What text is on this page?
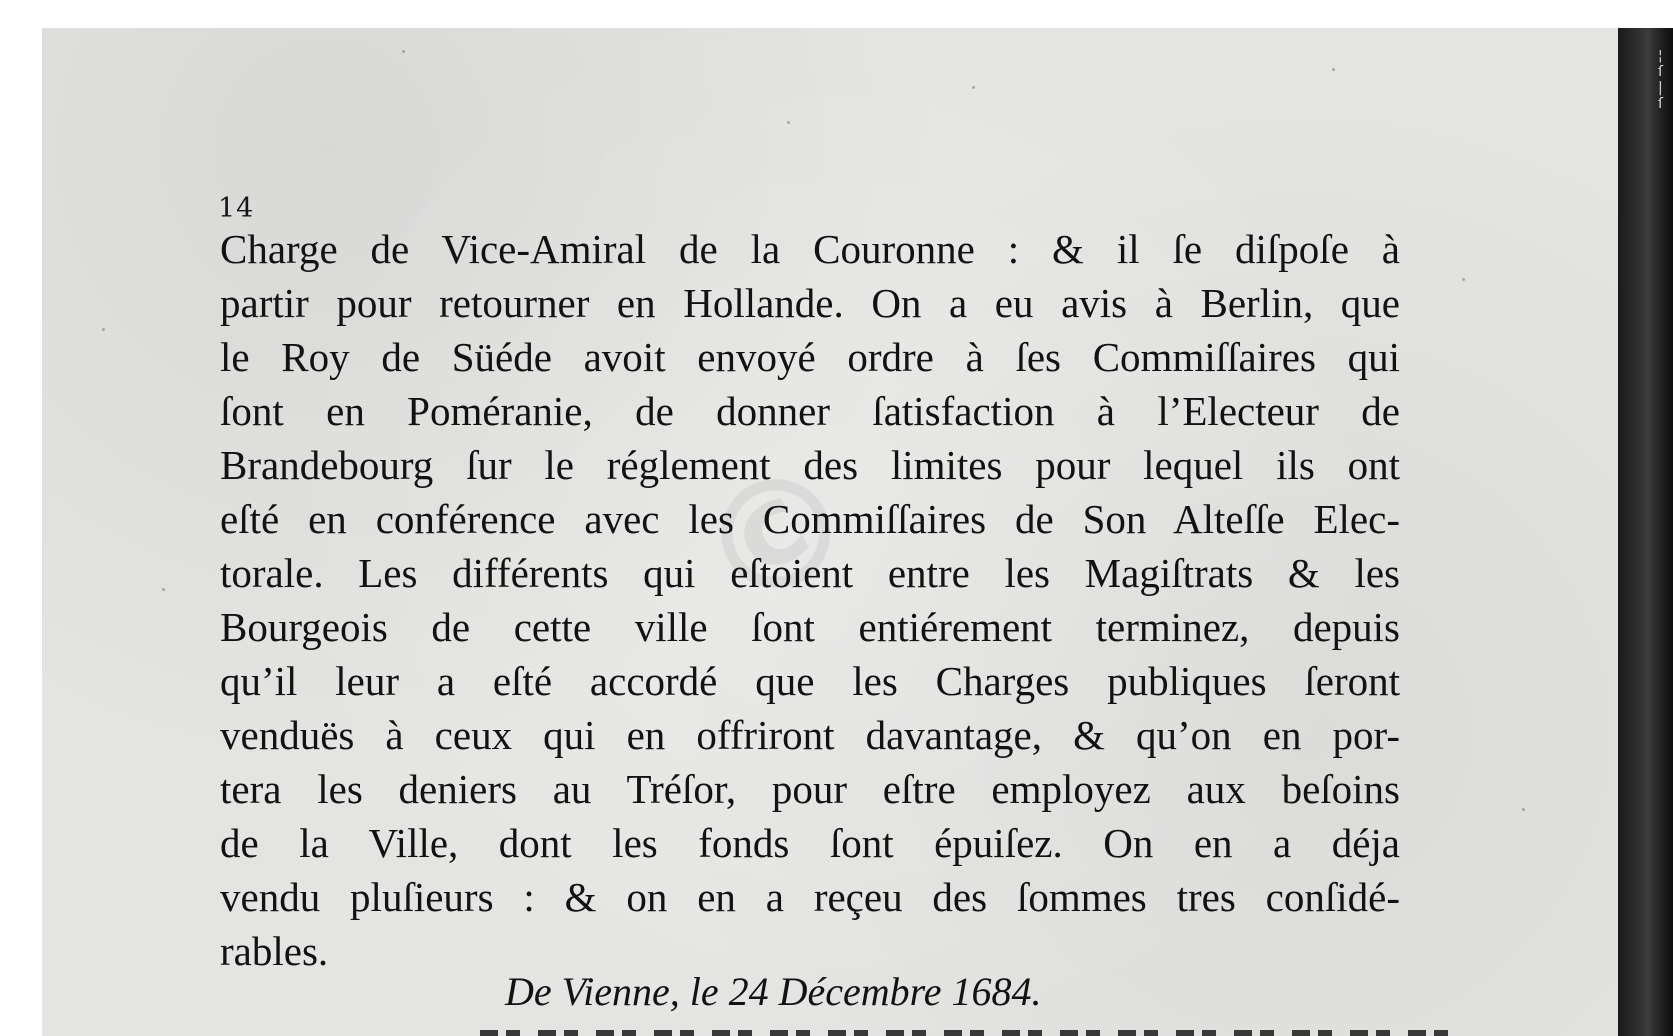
©
¦
ſ
|
ſ
14
Charge de Vice-Amiral de la Couronne : & il ſe diſpoſe à
partir pour retourner en Hollande. On a eu avis à Berlin, que
le Roy de Süéde avoit envoyé ordre à ſes Commiſſaires qui
ſont en Poméranie, de donner ſatisfaction à l’Electeur de
Brandebourg ſur le réglement des limites pour lequel ils ont
eſté en conférence avec les Commiſſaires de Son Alteſſe Elec-
torale. Les différents qui eſtoient entre les Magiſtrats & les
Bourgeois de cette ville ſont entiérement terminez, depuis
qu’il leur a eſté accordé que les Charges publiques ſeront
venduës à ceux qui en offriront davantage, & qu’on en por-
tera les deniers au Tréſor, pour eſtre employez aux beſoins
de la Ville, dont les fonds ſont épuiſez. On en a déja
vendu pluſieurs : & on en a reçeu des ſommes tres conſidé-
rables.
De Vienne, le 24 Décembre 1684.
